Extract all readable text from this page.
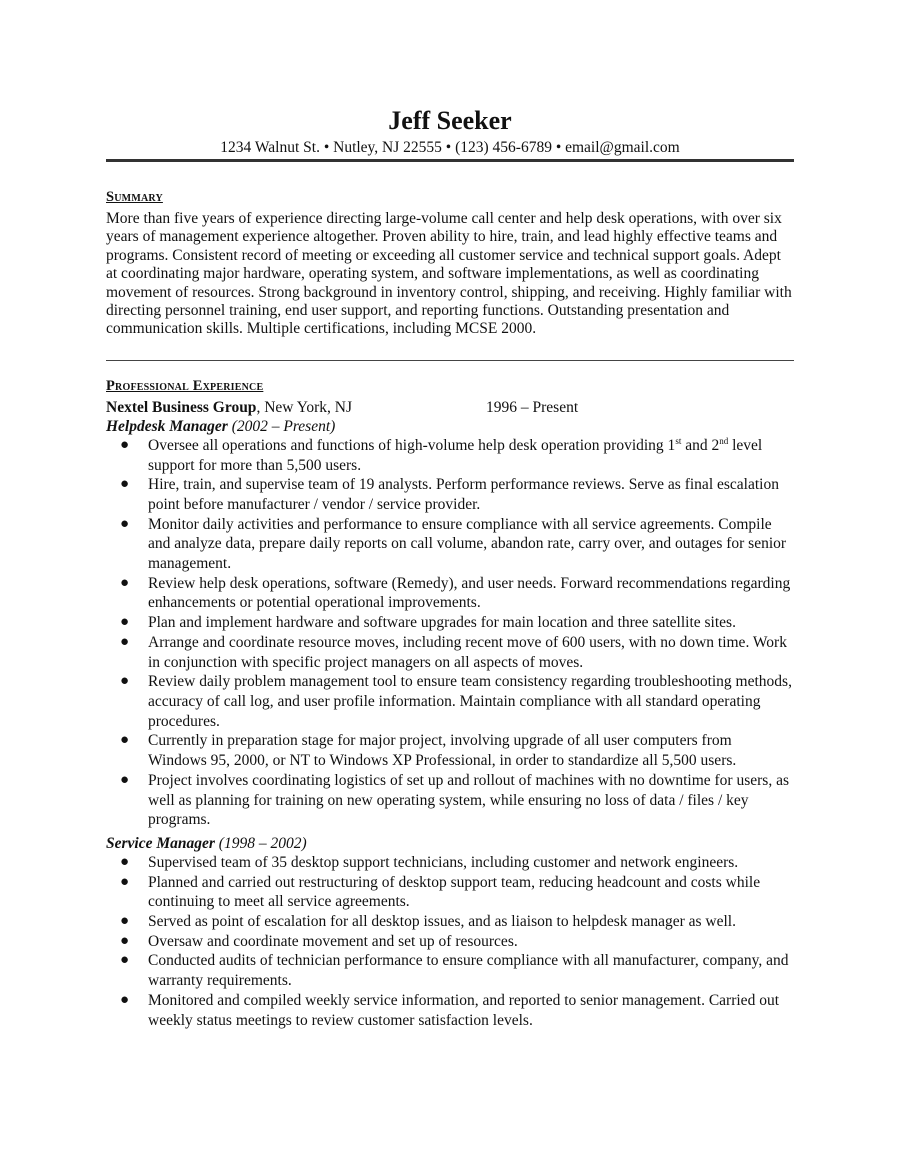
Jeff Seeker
1234 Walnut St. • Nutley, NJ 22555 • (123) 456-6789 • email@gmail.com
Summary

More than five years of experience directing large-volume call center and help desk operations, with over six years of management experience altogether. Proven ability to hire, train, and lead highly effective teams and programs. Consistent record of meeting or exceeding all customer service and technical support goals. Adept at coordinating major hardware, operating system, and software implementations, as well as coordinating movement of resources. Strong background in inventory control, shipping, and receiving. Highly familiar with directing personnel training, end user support, and reporting functions. Outstanding presentation and communication skills. Multiple certifications, including MCSE 2000.

Professional Experience
Nextel Business Group, New York, NJ	1996 – Present
Helpdesk Manager (2002 – Present)
● Oversee all operations and functions of high-volume help desk operation providing 1st and 2nd level support for more than 5,500 users.
● Hire, train, and supervise team of 19 analysts. Perform performance reviews. Serve as final escalation point before manufacturer / vendor / service provider.
● Monitor daily activities and performance to ensure compliance with all service agreements. Compile and analyze data, prepare daily reports on call volume, abandon rate, carry over, and outages for senior management.
● Review help desk operations, software (Remedy), and user needs. Forward recommendations regarding enhancements or potential operational improvements.
● Plan and implement hardware and software upgrades for main location and three satellite sites.
● Arrange and coordinate resource moves, including recent move of 600 users, with no down time. Work in conjunction with specific project managers on all aspects of moves.
● Review daily problem management tool to ensure team consistency regarding troubleshooting methods, accuracy of call log, and user profile information. Maintain compliance with all standard operating procedures.
● Currently in preparation stage for major project, involving upgrade of all user computers from Windows 95, 2000, or NT to Windows XP Professional, in order to standardize all 5,500 users.
● Project involves coordinating logistics of set up and rollout of machines with no downtime for users, as well as planning for training on new operating system, while ensuring no loss of data / files / key programs.
Service Manager (1998 – 2002)
● Supervised team of 35 desktop support technicians, including customer and network engineers.
● Planned and carried out restructuring of desktop support team, reducing headcount and costs while continuing to meet all service agreements.
● Served as point of escalation for all desktop issues, and as liaison to helpdesk manager as well.
● Oversaw and coordinate movement and set up of resources.
● Conducted audits of technician performance to ensure compliance with all manufacturer, company, and warranty requirements.
● Monitored and compiled weekly service information, and reported to senior management. Carried out weekly status meetings to review customer satisfaction levels.
